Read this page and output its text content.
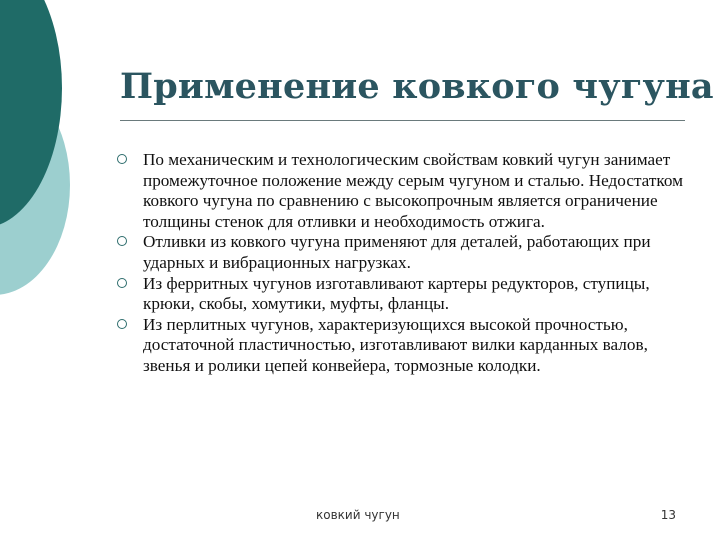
Применение ковкого чугуна
По механическим и технологическим свойствам ковкий чугун занимает промежуточное положение между серым чугуном и сталью. Недостатком ковкого чугуна по сравнению с высокопрочным является ограничение толщины стенок для отливки и необходимость отжига.
Отливки из ковкого чугуна применяют для деталей, работающих при ударных и вибрационных нагрузках.
Из ферритных чугунов изготавливают картеры редукторов, ступицы, крюки, скобы, хомутики, муфты, фланцы.
Из перлитных чугунов, характеризующихся высокой прочностью, достаточной пластичностью, изготавливают вилки карданных валов, звенья и ролики цепей конвейера, тормозные колодки.
ковкий чугун	13
